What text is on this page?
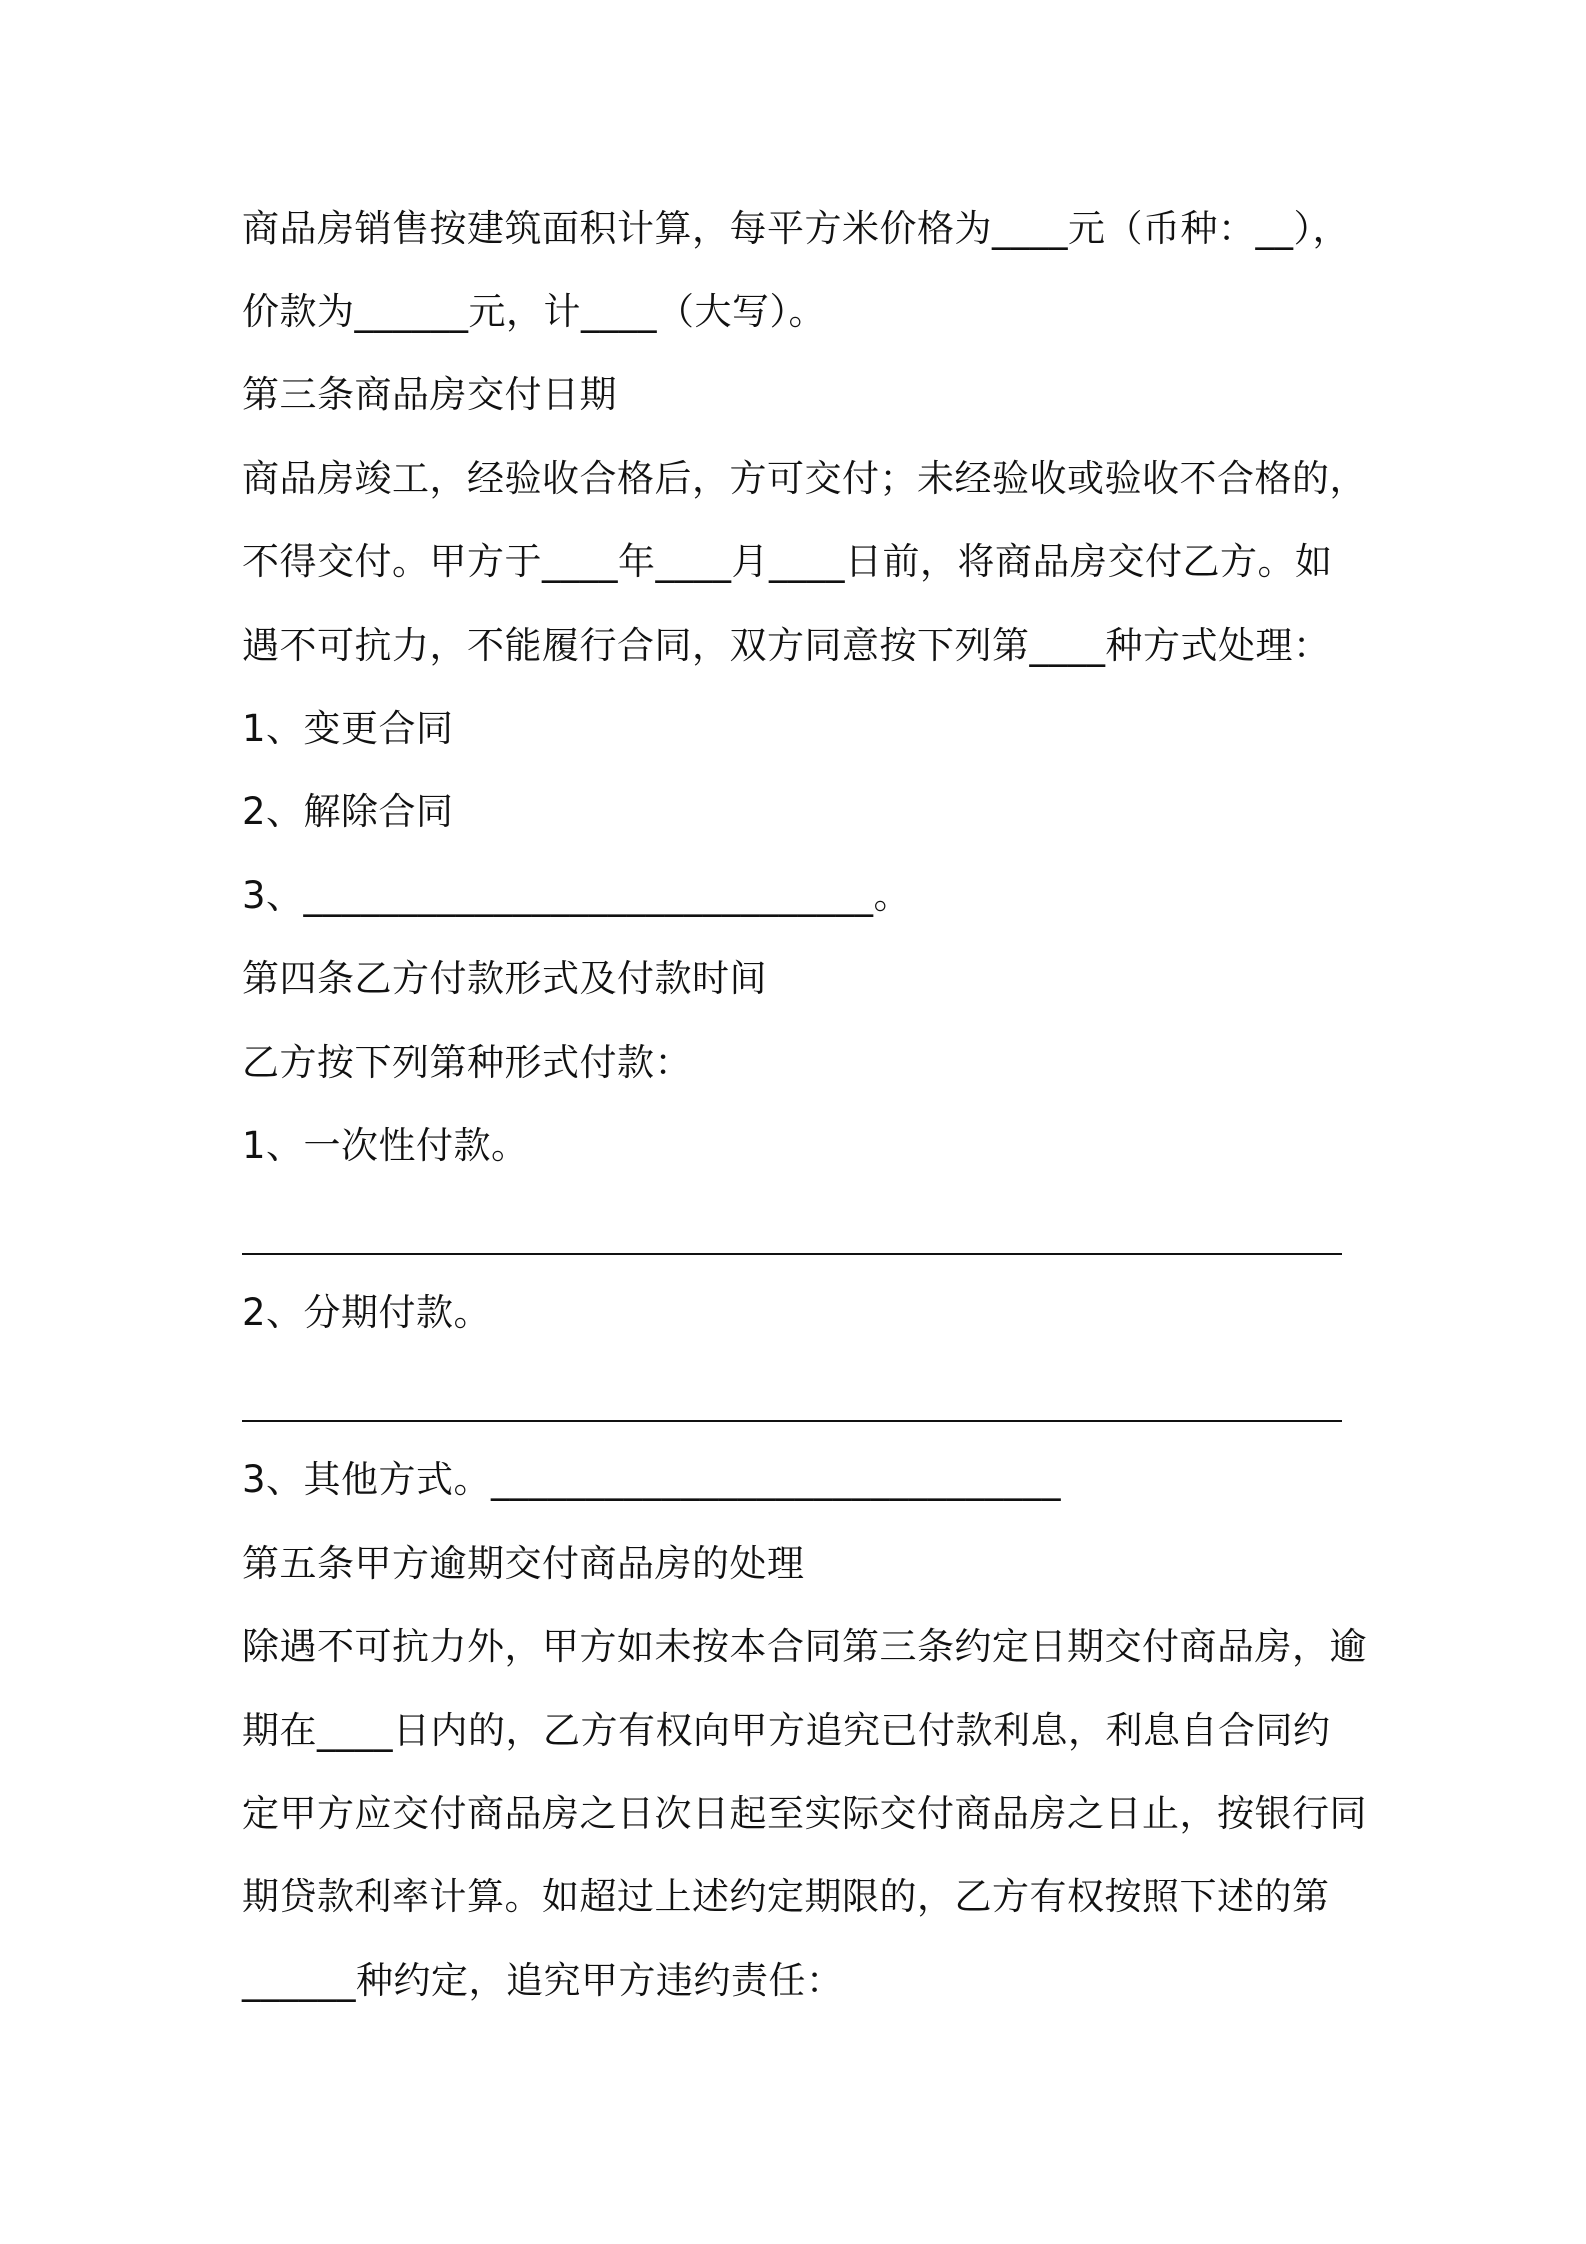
商品房销售按建筑面积计算，每平方米价格为____元（币种：__），
价款为______元，计____（大写）。
第三条商品房交付日期
商品房竣工，经验收合格后，方可交付；未经验收或验收不合格的，
不得交付。甲方于____年____月____日前，将商品房交付乙方。如
遇不可抗力，不能履行合同，双方同意按下列第____种方式处理：
1、变更合同
2、解除合同
3、______________________________。
第四条乙方付款形式及付款时间
乙方按下列第种形式付款：
1、一次性付款。
2、分期付款。
3、其他方式。______________________________
第五条甲方逾期交付商品房的处理
除遇不可抗力外，甲方如未按本合同第三条约定日期交付商品房，逾
期在____日内的，乙方有权向甲方追究已付款利息，利息自合同约
定甲方应交付商品房之日次日起至实际交付商品房之日止，按银行同
期贷款利率计算。如超过上述约定期限的，乙方有权按照下述的第
______种约定，追究甲方违约责任：
